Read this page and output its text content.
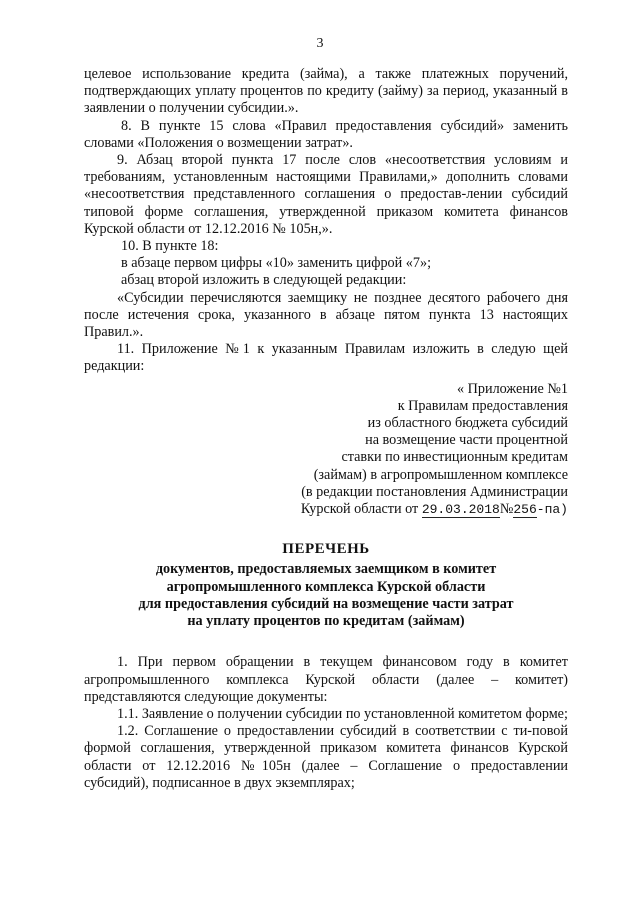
3

целевое использование кредита (займа), а также платежных поручений, подтверждающих уплату процентов по кредиту (займу) за период, указанный в заявлении о получении субсидии.».

8. В пункте 15 слова «Правил предоставления субсидий» заменить словами «Положения о возмещении затрат».

9. Абзац второй пункта 17 после слов «несоответствия условиям и требованиям, установленным настоящими Правилами,» дополнить словами «несоответствия представленного соглашения о предостав-лении субсидий типовой форме соглашения, утвержденной приказом комитета финансов Курской области от 12.12.2016 № 105н,».

10. В пункте 18:

в абзаце первом цифры «10» заменить цифрой «7»;

абзац второй изложить в следующей редакции:

«Субсидии перечисляются заемщику не позднее десятого рабочего дня после истечения срока, указанного в абзаце пятом пункта 13 настоящих Правил.».

11. Приложение №1 к указанным Правилам изложить в следую щей редакции:

« Приложение №1

к Правилам предоставления

из областного бюджета субсидий

на возмещение части процентной

ставки по инвестиционным кредитам

(займам) в агропромышленном комплексе

(в редакции постановления Администрации

Курской области от 29.03.2018№256-па)

ПЕРЕЧЕНЬ

документов, предоставляемых заемщиком в комитет

агропромышленного комплекса Курской области

для предоставления субсидий на возмещение части затрат

на уплату процентов по кредитам (займам)

1. При первом обращении в текущем финансовом году в комитет агропромышленного комплекса Курской области (далее – комитет) представляются следующие документы:

1.1. Заявление о получении субсидии по установленной комитетом форме;

1.2. Соглашение о предоставлении субсидий в соответствии с ти-повой формой соглашения, утвержденной приказом комитета финансов Курской области от 12.12.2016 №105н (далее – Соглашение о предоставлении субсидий), подписанное в двух экземплярах;
